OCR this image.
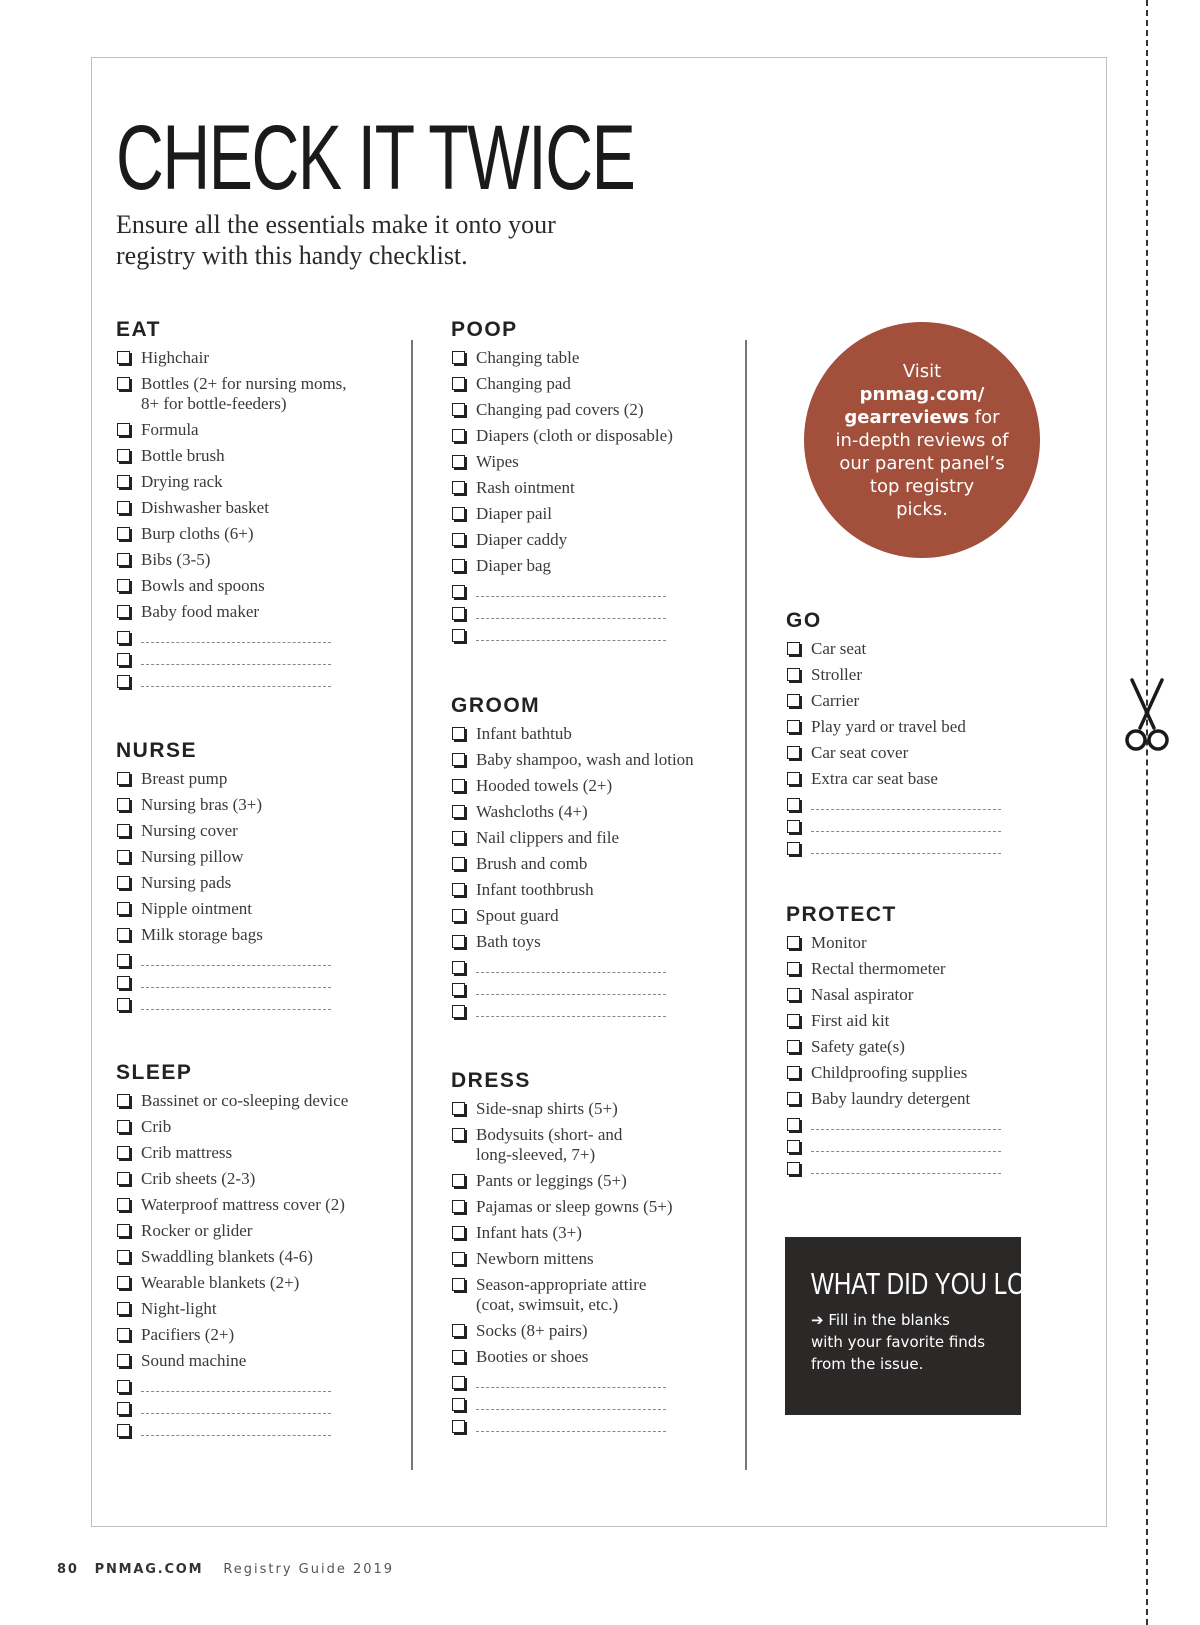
CHECK IT TWICE
Ensure all the essentials make it onto your
registry with this handy checklist.
EAT
Highchair
Bottles (2+ for nursing moms,
8+ for bottle-feeders)
Formula
Bottle brush
Drying rack
Dishwasher basket
Burp cloths (6+)
Bibs (3-5)
Bowls and spoons
Baby food maker
NURSE
Breast pump
Nursing bras (3+)
Nursing cover
Nursing pillow
Nursing pads
Nipple ointment
Milk storage bags
SLEEP
Bassinet or co-sleeping device
Crib
Crib mattress
Crib sheets (2-3)
Waterproof mattress cover (2)
Rocker or glider
Swaddling blankets (4-6)
Wearable blankets (2+)
Night-light
Pacifiers (2+)
Sound machine
POOP
Changing table
Changing pad
Changing pad covers (2)
Diapers (cloth or disposable)
Wipes
Rash ointment
Diaper pail
Diaper caddy
Diaper bag
GROOM
Infant bathtub
Baby shampoo, wash and lotion
Hooded towels (2+)
Washcloths (4+)
Nail clippers and file
Brush and comb
Infant toothbrush
Spout guard
Bath toys
DRESS
Side-snap shirts (5+)
Bodysuits (short- and
long-sleeved, 7+)
Pants or leggings (5+)
Pajamas or sleep gowns (5+)
Infant hats (3+)
Newborn mittens
Season-appropriate attire
(coat, swimsuit, etc.)
Socks (8+ pairs)
Booties or shoes
GO
Car seat
Stroller
Carrier
Play yard or travel bed
Car seat cover
Extra car seat base
PROTECT
Monitor
Rectal thermometer
Nasal aspirator
First aid kit
Safety gate(s)
Childproofing supplies
Baby laundry detergent
Visit
pnmag.com/
gearreviews for
in-depth reviews of
our parent panel’s
top registry
picks.
WHAT DID YOU LOVE?
➔ Fill in the blanks
with your favorite finds
from the issue.
80 PNMAG.COM Registry Guide 2019
